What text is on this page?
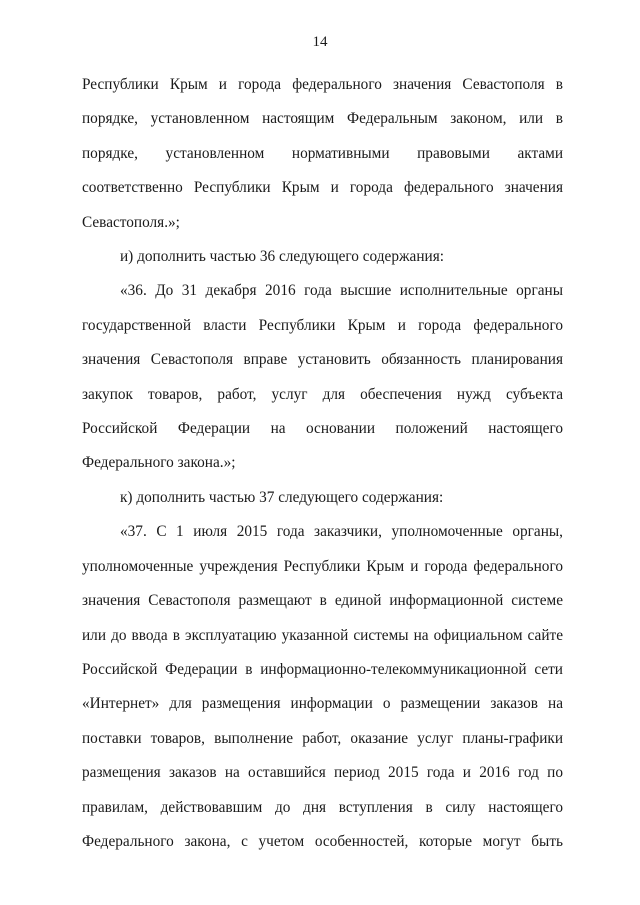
14

Республики Крым и города федерального значения Севастополя в порядке, установленном настоящим Федеральным законом, или в порядке, установленном нормативными правовыми актами соответственно Республики Крым и города федерального значения Севастополя.»;

и) дополнить частью 36 следующего содержания:

«36. До 31 декабря 2016 года высшие исполнительные органы государственной власти Республики Крым и города федерального значения Севастополя вправе установить обязанность планирования закупок товаров, работ, услуг для обеспечения нужд субъекта Российской Федерации на основании положений настоящего Федерального закона.»;

к) дополнить частью 37 следующего содержания:

«37. С 1 июля 2015 года заказчики, уполномоченные органы, уполномоченные учреждения Республики Крым и города федерального значения Севастополя размещают в единой информационной системе или до ввода в эксплуатацию указанной системы на официальном сайте Российской Федерации в информационно-телекоммуникационной сети «Интернет» для размещения информации о размещении заказов на поставки товаров, выполнение работ, оказание услуг планы-графики размещения заказов на оставшийся период 2015 года и 2016 год по правилам, действовавшим до дня вступления в силу настоящего Федерального закона, с учетом особенностей, которые могут быть
